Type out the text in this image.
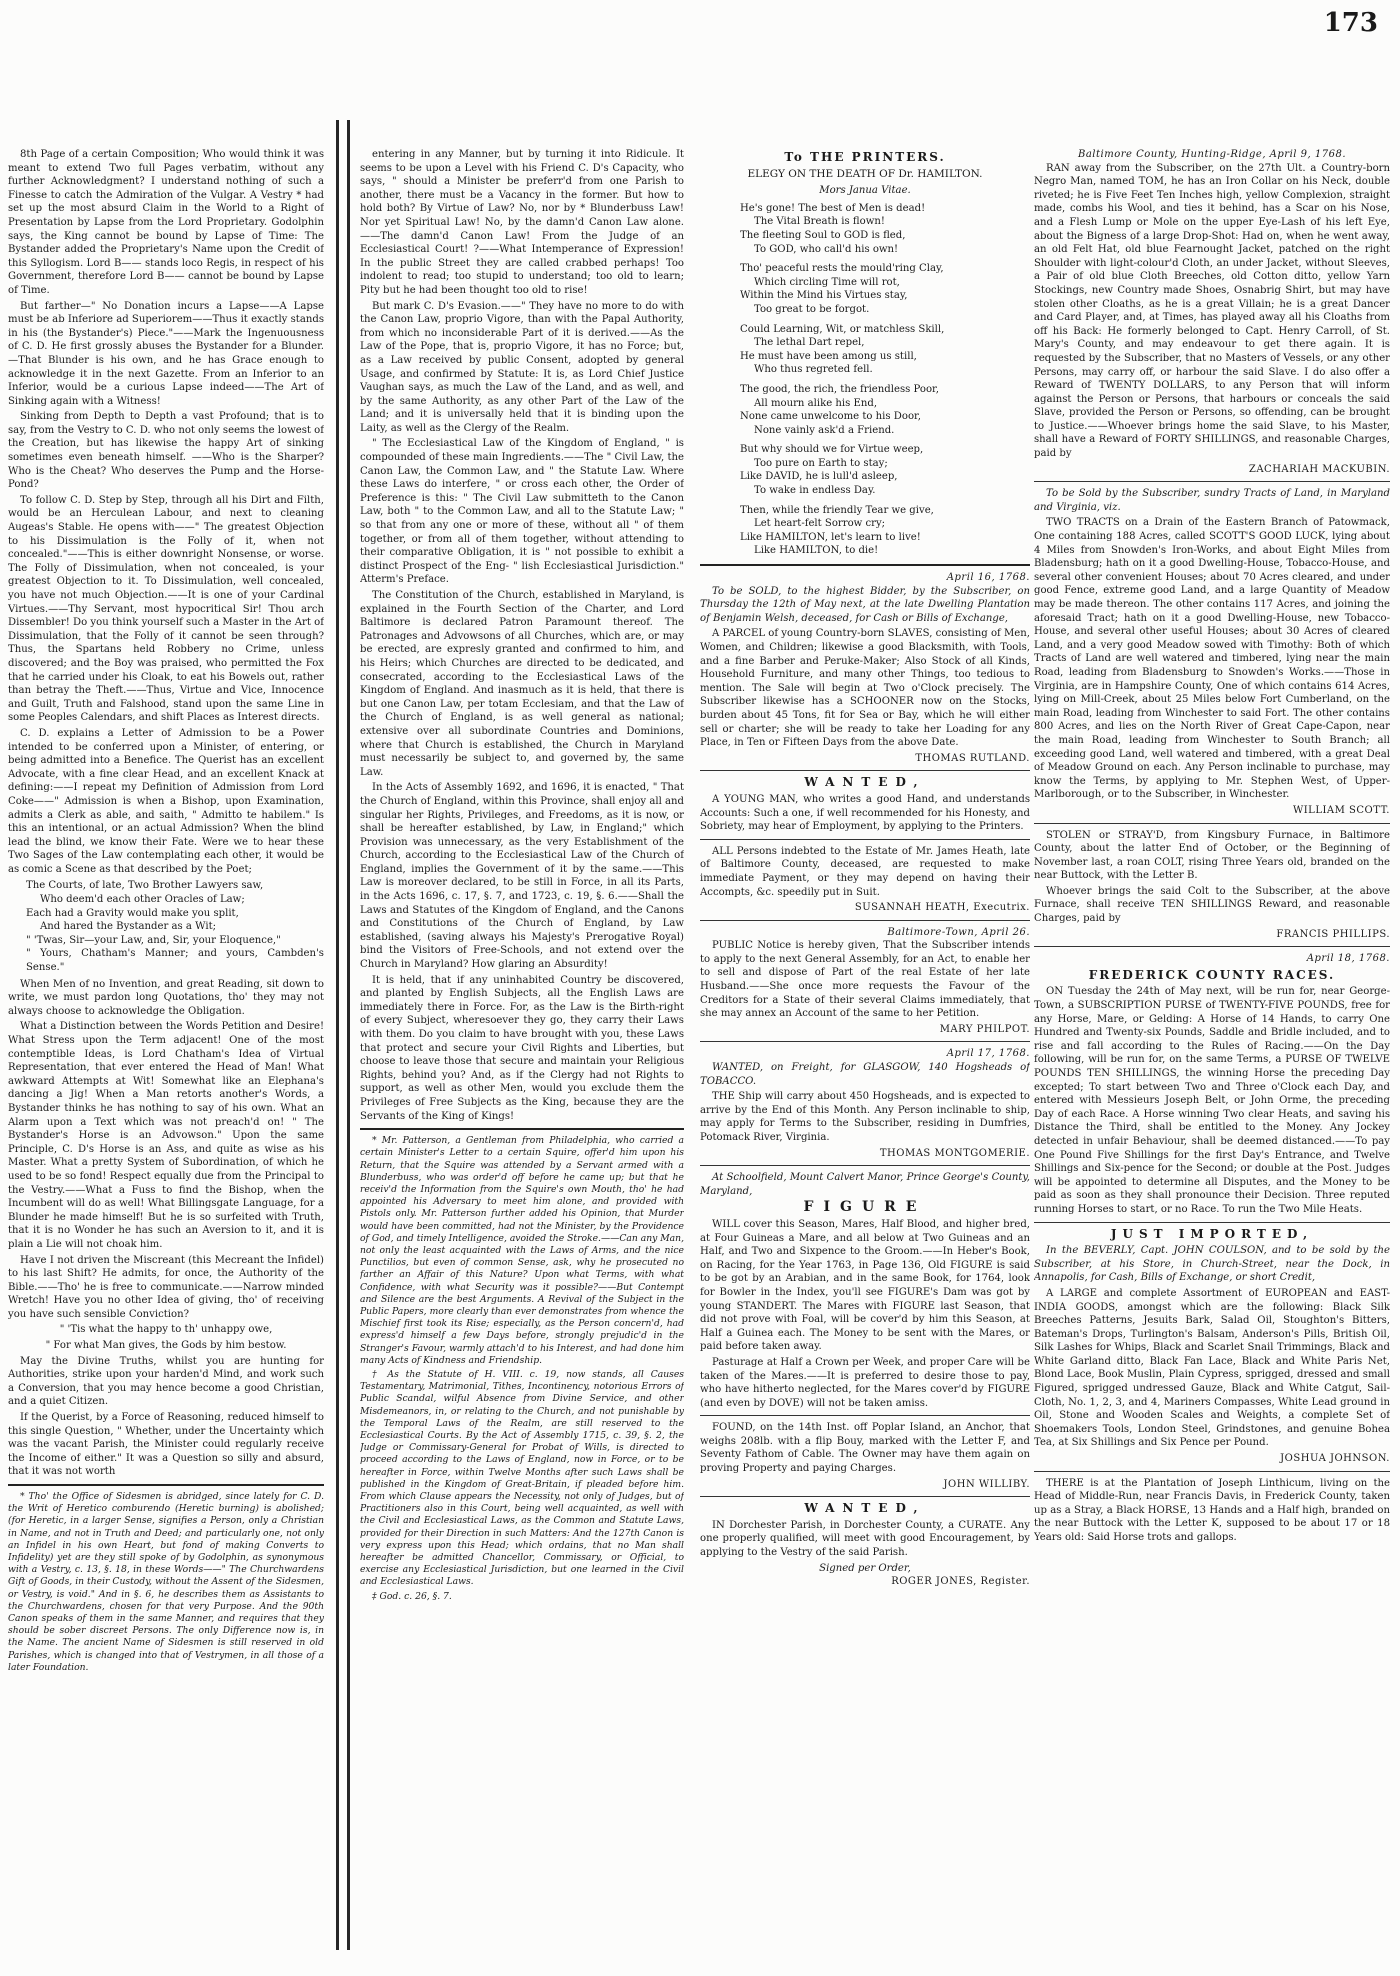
173

8th Page of a certain Composition; Who would think it was meant to extend Two full Pages verbatim, without any further Acknowledgment? I understand nothing of such a Finesse to catch the Admiration of the Vulgar. A Vestry * had set up the most absurd Claim in the World to a Right of Presentation by Lapse from the Lord Proprietary. Godolphin says, the King cannot be bound by Lapse of Time: The Bystander added the Proprietary's Name upon the Credit of this Syllogism. Lord B—— stands loco Regis, in respect of his Government, therefore Lord B—— cannot be bound by Lapse of Time.

But farther—" No Donation incurs a Lapse——A Lapse must be ab Inferiore ad Superiorem——Thus it exactly stands in his (the Bystander's) Piece."——Mark the Ingenuousness of C. D. He first grossly abuses the Bystander for a Blunder.—That Blunder is his own, and he has Grace enough to acknowledge it in the next Gazette. From an Inferior to an Inferior, would be a curious Lapse indeed——The Art of Sinking again with a Witness!

Sinking from Depth to Depth a vast Profound; that is to say, from the Vestry to C. D. who not only seems the lowest of the Creation, but has likewise the happy Art of sinking sometimes even beneath himself. ——Who is the Sharper? Who is the Cheat? Who deserves the Pump and the Horse-Pond?

To follow C. D. Step by Step, through all his Dirt and Filth, would be an Herculean Labour, and next to cleaning Augeas's Stable. He opens with——" The greatest Objection to his Dissimulation is the Folly of it, when not concealed."——This is either downright Nonsense, or worse. The Folly of Dissimulation, when not concealed, is your greatest Objection to it. To Dissimulation, well concealed, you have not much Objection.——It is one of your Cardinal Virtues.——Thy Servant, most hypocritical Sir! Thou arch Dissembler! Do you think yourself such a Master in the Art of Dissimulation, that the Folly of it cannot be seen through? Thus, the Spartans held Robbery no Crime, unless discovered; and the Boy was praised, who permitted the Fox that he carried under his Cloak, to eat his Bowels out, rather than betray the Theft.——Thus, Virtue and Vice, Innocence and Guilt, Truth and Falshood, stand upon the same Line in some Peoples Calendars, and shift Places as Interest directs.

C. D. explains a Letter of Admission to be a Power intended to be conferred upon a Minister, of entering, or being admitted into a Benefice. The Querist has an excellent Advocate, with a fine clear Head, and an excellent Knack at defining:——I repeat my Definition of Admission from Lord Coke——" Admission is when a Bishop, upon Examination, admits a Clerk as able, and saith, " Admitto te habilem." Is this an intentional, or an actual Admission? When the blind lead the blind, we know their Fate. Were we to hear these Two Sages of the Law contemplating each other, it would be as comic a Scene as that described by the Poet;

The Courts, of late, Two Brother Lawyers saw,

Who deem'd each other Oracles of Law;

Each had a Gravity would make you split,

And hared the Bystander as a Wit;

" 'Twas, Sir—your Law, and, Sir, your Eloquence,"

" Yours, Chatham's Manner; and yours, Cambden's Sense."

When Men of no Invention, and great Reading, sit down to write, we must pardon long Quotations, tho' they may not always choose to acknowledge the Obligation.

What a Distinction between the Words Petition and Desire! What Stress upon the Term adjacent! One of the most contemptible Ideas, is Lord Chatham's Idea of Virtual Representation, that ever entered the Head of Man! What awkward Attempts at Wit! Somewhat like an Elephana's dancing a Jig! When a Man retorts another's Words, a Bystander thinks he has nothing to say of his own. What an Alarm upon a Text which was not preach'd on! " The Bystander's Horse is an Advowson." Upon the same Principle, C. D's Horse is an Ass, and quite as wise as his Master. What a pretty System of Subordination, of which he used to be so fond! Respect equally due from the Principal to the Vestry.——What a Fuss to find the Bishop, when the Incumbent will do as well! What Billingsgate Language, for a Blunder he made himself! But he is so surfeited with Truth, that it is no Wonder he has such an Aversion to it, and it is plain a Lie will not choak him.

Have I not driven the Miscreant (this Mecreant the Infidel) to his last Shift? He admits, for once, the Authority of the Bible.——Tho' he is free to communicate.——Narrow minded Wretch! Have you no other Idea of giving, tho' of receiving you have such sensible Conviction?

" 'Tis what the happy to th' unhappy owe,

" For what Man gives, the Gods by him bestow.

May the Divine Truths, whilst you are hunting for Authorities, strike upon your harden'd Mind, and work such a Conversion, that you may hence become a good Christian, and a quiet Citizen.

If the Querist, by a Force of Reasoning, reduced himself to this single Question, " Whether, under the Uncertainty which was the vacant Parish, the Minister could regularly receive the Income of either." It was a Question so silly and absurd, that it was not worth

* Tho' the Office of Sidesmen is abridged, since lately for C. D. the Writ of Heretico comburendo (Heretic burning) is abolished; (for Heretic, in a larger Sense, signifies a Person, only a Christian in Name, and not in Truth and Deed; and particularly one, not only an Infidel in his own Heart, but fond of making Converts to Infidelity) yet are they still spoke of by Godolphin, as synonymous with a Vestry, c. 13, §. 18, in these Words——" The Churchwardens Gift of Goods, in their Custody, without the Assent of the Sidesmen, or Vestry, is void." And in §. 6, he describes them as Assistants to the Churchwardens, chosen for that very Purpose. And the 90th Canon speaks of them in the same Manner, and requires that they should be sober discreet Persons. The only Difference now is, in the Name. The ancient Name of Sidesmen is still reserved in old Parishes, which is changed into that of Vestrymen, in all those of a later Foundation.

entering in any Manner, but by turning it into Ridicule. It seems to be upon a Level with his Friend C. D's Capacity, who says, " should a Minister be preferr'd from one Parish to another, there must be a Vacancy in the former. But how to hold both? By Virtue of Law? No, nor by * Blunderbuss Law! Nor yet Spiritual Law! No, by the damn'd Canon Law alone.——The damn'd Canon Law! From the Judge of an Ecclesiastical Court! ?——What Intemperance of Expression! In the public Street they are called crabbed perhaps! Too indolent to read; too stupid to understand; too old to learn; Pity but he had been thought too old to rise!

But mark C. D's Evasion.——" They have no more to do with the Canon Law, proprio Vigore, than with the Papal Authority, from which no inconsiderable Part of it is derived.——As the Law of the Pope, that is, proprio Vigore, it has no Force; but, as a Law received by public Consent, adopted by general Usage, and confirmed by Statute: It is, as Lord Chief Justice Vaughan says, as much the Law of the Land, and as well, and by the same Authority, as any other Part of the Law of the Land; and it is universally held that it is binding upon the Laity, as well as the Clergy of the Realm.

" The Ecclesiastical Law of the Kingdom of England, " is compounded of these main Ingredients.——The " Civil Law, the Canon Law, the Common Law, and " the Statute Law. Where these Laws do interfere, " or cross each other, the Order of Preference is this: " The Civil Law submitteth to the Canon Law, both " to the Common Law, and all to the Statute Law; " so that from any one or more of these, without all " of them together, or from all of them together, without attending to their comparative Obligation, it is " not possible to exhibit a distinct Prospect of the Eng- " lish Ecclesiastical Jurisdiction." Atterm's Preface.

The Constitution of the Church, established in Maryland, is explained in the Fourth Section of the Charter, and Lord Baltimore is declared Patron Paramount thereof. The Patronages and Advowsons of all Churches, which are, or may be erected, are expresly granted and confirmed to him, and his Heirs; which Churches are directed to be dedicated, and consecrated, according to the Ecclesiastical Laws of the Kingdom of England. And inasmuch as it is held, that there is but one Canon Law, per totam Ecclesiam, and that the Law of the Church of England, is as well general as national; extensive over all subordinate Countries and Dominions, where that Church is established, the Church in Maryland must necessarily be subject to, and governed by, the same Law.

In the Acts of Assembly 1692, and 1696, it is enacted, " That the Church of England, within this Province, shall enjoy all and singular her Rights, Privileges, and Freedoms, as it is now, or shall be hereafter established, by Law, in England;" which Provision was unnecessary, as the very Establishment of the Church, according to the Ecclesiastical Law of the Church of England, implies the Government of it by the same.——This Law is moreover declared, to be still in Force, in all its Parts, in the Acts 1696, c. 17, §. 7, and 1723, c. 19, §. 6.——Shall the Laws and Statutes of the Kingdom of England, and the Canons and Constitutions of the Church of England, by Law established, (saving always his Majesty's Prerogative Royal) bind the Visitors of Free-Schools, and not extend over the Church in Maryland? How glaring an Absurdity!

It is held, that if any uninhabited Country be discovered, and planted by English Subjects, all the English Laws are immediately there in Force. For, as the Law is the Birth-right of every Subject, wheresoever they go, they carry their Laws with them. Do you claim to have brought with you, these Laws that protect and secure your Civil Rights and Liberties, but choose to leave those that secure and maintain your Religious Rights, behind you? And, as if the Clergy had not Rights to support, as well as other Men, would you exclude them the Privileges of Free Subjects as the King, because they are the Servants of the King of Kings!

* Mr. Patterson, a Gentleman from Philadelphia, who carried a certain Minister's Letter to a certain Squire, offer'd him upon his Return, that the Squire was attended by a Servant armed with a Blunderbuss, who was order'd off before he came up; but that he receiv'd the Information from the Squire's own Mouth, tho' he had appointed his Adversary to meet him alone, and provided with Pistols only. Mr. Patterson further added his Opinion, that Murder would have been committed, had not the Minister, by the Providence of God, and timely Intelligence, avoided the Stroke.——Can any Man, not only the least acquainted with the Laws of Arms, and the nice Punctilios, but even of common Sense, ask, why he prosecuted no farther an Affair of this Nature? Upon what Terms, with what Confidence, with what Security was it possible?——But Contempt and Silence are the best Arguments. A Revival of the Subject in the Public Papers, more clearly than ever demonstrates from whence the Mischief first took its Rise; especially, as the Person concern'd, had express'd himself a few Days before, strongly prejudic'd in the Stranger's Favour, warmly attach'd to his Interest, and had done him many Acts of Kindness and Friendship.

† As the Statute of H. VIII. c. 19, now stands, all Causes Testamentary, Matrimonial, Tithes, Incontinency, notorious Errors of Public Scandal, wilful Absence from Divine Service, and other Misdemeanors, in, or relating to the Church, and not punishable by the Temporal Laws of the Realm, are still reserved to the Ecclesiastical Courts. By the Act of Assembly 1715, c. 39, §. 2, the Judge or Commissary-General for Probat of Wills, is directed to proceed according to the Laws of England, now in Force, or to be hereafter in Force, within Twelve Months after such Laws shall be published in the Kingdom of Great-Britain, if pleaded before him. From which Clause appears the Necessity, not only of Judges, but of Practitioners also in this Court, being well acquainted, as well with the Civil and Ecclesiastical Laws, as the Common and Statute Laws, provided for their Direction in such Matters: And the 127th Canon is very express upon this Head; which ordains, that no Man shall hereafter be admitted Chancellor, Commissary, or Official, to exercise any Ecclesiastical Jurisdiction, but one learned in the Civil and Ecclesiastical Laws.

‡ God. c. 26, §. 7.

To THE PRINTERS.
ELEGY ON THE DEATH OF Dr. HAMILTON.
Mors Janua Vitae.

He's gone! The best of Men is dead!

The Vital Breath is flown!

The fleeting Soul to GOD is fled,

To GOD, who call'd his own!

Tho' peaceful rests the mould'ring Clay,

Which circling Time will rot,

Within the Mind his Virtues stay,

Too great to be forgot.

Could Learning, Wit, or matchless Skill,

The lethal Dart repel,

He must have been among us still,

Who thus regreted fell.

The good, the rich, the friendless Poor,

All mourn alike his End,

None came unwelcome to his Door,

None vainly ask'd a Friend.

But why should we for Virtue weep,

Too pure on Earth to stay;

Like DAVID, he is lull'd asleep,

To wake in endless Day.

Then, while the friendly Tear we give,

Let heart-felt Sorrow cry;

Like HAMILTON, let's learn to live!

Like HAMILTON, to die!

April 16, 1768.

To be SOLD, to the highest Bidder, by the Subscriber, on Thursday the 12th of May next, at the late Dwelling Plantation of Benjamin Welsh, deceased, for Cash or Bills of Exchange,

A PARCEL of young Country-born SLAVES, consisting of Men, Women, and Children; likewise a good Blacksmith, with Tools, and a fine Barber and Peruke-Maker; Also Stock of all Kinds, Household Furniture, and many other Things, too tedious to mention. The Sale will begin at Two o'Clock precisely. The Subscriber likewise has a SCHOONER now on the Stocks, burden about 45 Tons, fit for Sea or Bay, which he will either sell or charter; she will be ready to take her Loading for any Place, in Ten or Fifteen Days from the above Date.

THOMAS RUTLAND.
WANTED,

A YOUNG MAN, who writes a good Hand, and understands Accounts: Such a one, if well recommended for his Honesty, and Sobriety, may hear of Employment, by applying to the Printers.

ALL Persons indebted to the Estate of Mr. James Heath, late of Baltimore County, deceased, are requested to make immediate Payment, or they may depend on having their Accompts, &c. speedily put in Suit.

SUSANNAH HEATH, Executrix.
Baltimore-Town, April 26.

PUBLIC Notice is hereby given, That the Subscriber intends to apply to the next General Assembly, for an Act, to enable her to sell and dispose of Part of the real Estate of her late Husband.——She once more requests the Favour of the Creditors for a State of their several Claims immediately, that she may annex an Account of the same to her Petition.

MARY PHILPOT.
April 17, 1768.

WANTED, on Freight, for GLASGOW, 140 Hogsheads of TOBACCO.

THE Ship will carry about 450 Hogsheads, and is expected to arrive by the End of this Month. Any Person inclinable to ship, may apply for Terms to the Subscriber, residing in Dumfries, Potomack River, Virginia.

THOMAS MONTGOMERIE.

At Schoolfield, Mount Calvert Manor, Prince George's County, Maryland,

FIGURE

WILL cover this Season, Mares, Half Blood, and higher bred, at Four Guineas a Mare, and all below at Two Guineas and an Half, and Two and Sixpence to the Groom.——In Heber's Book, on Racing, for the Year 1763, in Page 136, Old FIGURE is said to be got by an Arabian, and in the same Book, for 1764, look for Bowler in the Index, you'll see FIGURE's Dam was got by young STANDERT. The Mares with FIGURE last Season, that did not prove with Foal, will be cover'd by him this Season, at Half a Guinea each. The Money to be sent with the Mares, or paid before taken away.

Pasturage at Half a Crown per Week, and proper Care will be taken of the Mares.——It is preferred to desire those to pay, who have hitherto neglected, for the Mares cover'd by FIGURE (and even by DOVE) will not be taken amiss.

FOUND, on the 14th Inst. off Poplar Island, an Anchor, that weighs 208lb. with a flip Bouy, marked with the Letter F, and Seventy Fathom of Cable. The Owner may have them again on proving Property and paying Charges.

JOHN WILLIBY.
WANTED,

IN Dorchester Parish, in Dorchester County, a CURATE. Any one properly qualified, will meet with good Encouragement, by applying to the Vestry of the said Parish.

Signed per Order,
ROGER JONES, Register.
Baltimore County, Hunting-Ridge, April 9, 1768.

RAN away from the Subscriber, on the 27th Ult. a Country-born Negro Man, named TOM, he has an Iron Collar on his Neck, double riveted; he is Five Feet Ten Inches high, yellow Complexion, straight made, combs his Wool, and ties it behind, has a Scar on his Nose, and a Flesh Lump or Mole on the upper Eye-Lash of his left Eye, about the Bigness of a large Drop-Shot: Had on, when he went away, an old Felt Hat, old blue Fearnought Jacket, patched on the right Shoulder with light-colour'd Cloth, an under Jacket, without Sleeves, a Pair of old blue Cloth Breeches, old Cotton ditto, yellow Yarn Stockings, new Country made Shoes, Osnabrig Shirt, but may have stolen other Cloaths, as he is a great Villain; he is a great Dancer and Card Player, and, at Times, has played away all his Cloaths from off his Back: He formerly belonged to Capt. Henry Carroll, of St. Mary's County, and may endeavour to get there again. It is requested by the Subscriber, that no Masters of Vessels, or any other Persons, may carry off, or harbour the said Slave. I do also offer a Reward of TWENTY DOLLARS, to any Person that will inform against the Person or Persons, that harbours or conceals the said Slave, provided the Person or Persons, so offending, can be brought to Justice.——Whoever brings home the said Slave, to his Master, shall have a Reward of FORTY SHILLINGS, and reasonable Charges, paid by

ZACHARIAH MACKUBIN.

To be Sold by the Subscriber, sundry Tracts of Land, in Maryland and Virginia, viz.

TWO TRACTS on a Drain of the Eastern Branch of Patowmack, One containing 188 Acres, called SCOTT'S GOOD LUCK, lying about 4 Miles from Snowden's Iron-Works, and about Eight Miles from Bladensburg; hath on it a good Dwelling-House, Tobacco-House, and several other convenient Houses; about 70 Acres cleared, and under good Fence, extreme good Land, and a large Quantity of Meadow may be made thereon. The other contains 117 Acres, and joining the aforesaid Tract; hath on it a good Dwelling-House, new Tobacco-House, and several other useful Houses; about 30 Acres of cleared Land, and a very good Meadow sowed with Timothy: Both of which Tracts of Land are well watered and timbered, lying near the main Road, leading from Bladensburg to Snowden's Works.——Those in Virginia, are in Hampshire County, One of which contains 614 Acres, lying on Mill-Creek, about 25 Miles below Fort Cumberland, on the main Road, leading from Winchester to said Fort. The other contains 800 Acres, and lies on the North River of Great Cape-Capon, near the main Road, leading from Winchester to South Branch; all exceeding good Land, well watered and timbered, with a great Deal of Meadow Ground on each. Any Person inclinable to purchase, may know the Terms, by applying to Mr. Stephen West, of Upper-Marlborough, or to the Subscriber, in Winchester.

WILLIAM SCOTT.

STOLEN or STRAY'D, from Kingsbury Furnace, in Baltimore County, about the latter End of October, or the Beginning of November last, a roan COLT, rising Three Years old, branded on the near Buttock, with the Letter B.

Whoever brings the said Colt to the Subscriber, at the above Furnace, shall receive TEN SHILLINGS Reward, and reasonable Charges, paid by

FRANCIS PHILLIPS.
April 18, 1768.
FREDERICK COUNTY RACES.

ON Tuesday the 24th of May next, will be run for, near George-Town, a SUBSCRIPTION PURSE of TWENTY-FIVE POUNDS, free for any Horse, Mare, or Gelding: A Horse of 14 Hands, to carry One Hundred and Twenty-six Pounds, Saddle and Bridle included, and to rise and fall according to the Rules of Racing.——On the Day following, will be run for, on the same Terms, a PURSE OF TWELVE POUNDS TEN SHILLINGS, the winning Horse the preceding Day excepted; To start between Two and Three o'Clock each Day, and entered with Messieurs Joseph Belt, or John Orme, the preceding Day of each Race. A Horse winning Two clear Heats, and saving his Distance the Third, shall be entitled to the Money. Any Jockey detected in unfair Behaviour, shall be deemed distanced.——To pay One Pound Five Shillings for the first Day's Entrance, and Twelve Shillings and Six-pence for the Second; or double at the Post. Judges will be appointed to determine all Disputes, and the Money to be paid as soon as they shall pronounce their Decision. Three reputed running Horses to start, or no Race. To run the Two Mile Heats.

JUST IMPORTED,

In the BEVERLY, Capt. JOHN COULSON, and to be sold by the Subscriber, at his Store, in Church-Street, near the Dock, in Annapolis, for Cash, Bills of Exchange, or short Credit,

A LARGE and complete Assortment of EUROPEAN and EAST-INDIA GOODS, amongst which are the following: Black Silk Breeches Patterns, Jesuits Bark, Salad Oil, Stoughton's Bitters, Bateman's Drops, Turlington's Balsam, Anderson's Pills, British Oil, Silk Lashes for Whips, Black and Scarlet Snail Trimmings, Black and White Garland ditto, Black Fan Lace, Black and White Paris Net, Blond Lace, Book Muslin, Plain Cypress, sprigged, dressed and small Figured, sprigged undressed Gauze, Black and White Catgut, Sail-Cloth, No. 1, 2, 3, and 4, Mariners Compasses, White Lead ground in Oil, Stone and Wooden Scales and Weights, a complete Set of Shoemakers Tools, London Steel, Grindstones, and genuine Bohea Tea, at Six Shillings and Six Pence per Pound.

JOSHUA JOHNSON.

THERE is at the Plantation of Joseph Linthicum, living on the Head of Middle-Run, near Francis Davis, in Frederick County, taken up as a Stray, a Black HORSE, 13 Hands and a Half high, branded on the near Buttock with the Letter K, supposed to be about 17 or 18 Years old: Said Horse trots and gallops.
